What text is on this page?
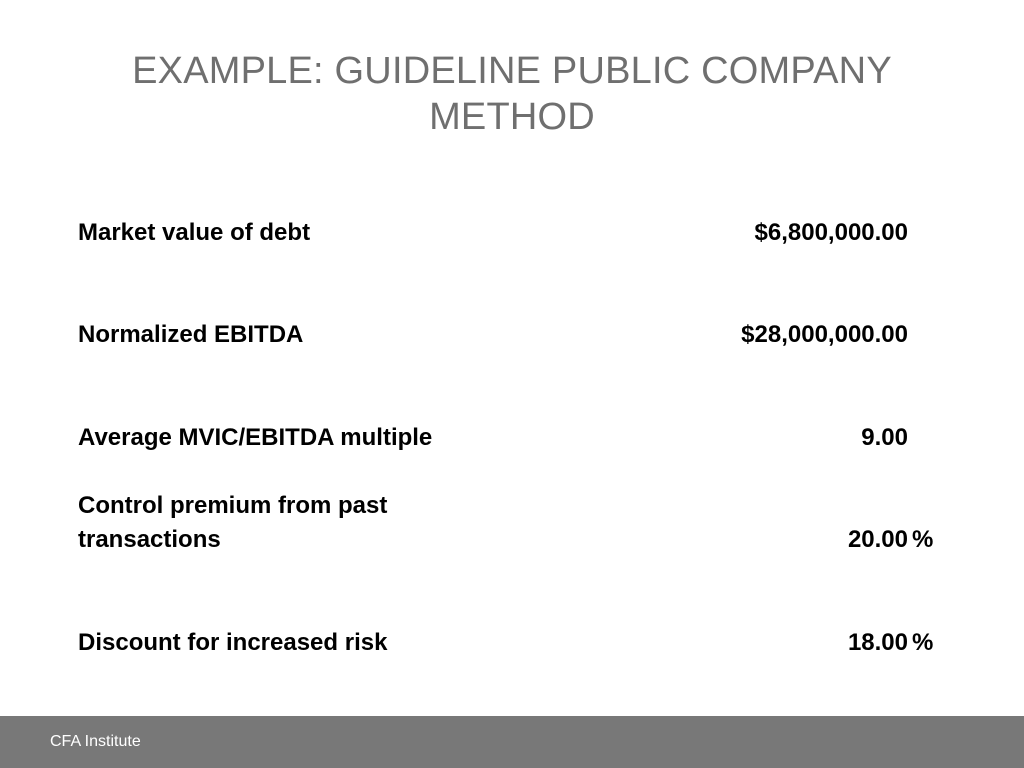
EXAMPLE: GUIDELINE PUBLIC COMPANY
METHOD
Market value of debt	$6,800,000.00
Normalized EBITDA	$28,000,000.00
Average MVIC/EBITDA multiple	9.00
Control premium from past transactions	20.00 %
Discount for increased risk	18.00 %
CFA Institute
